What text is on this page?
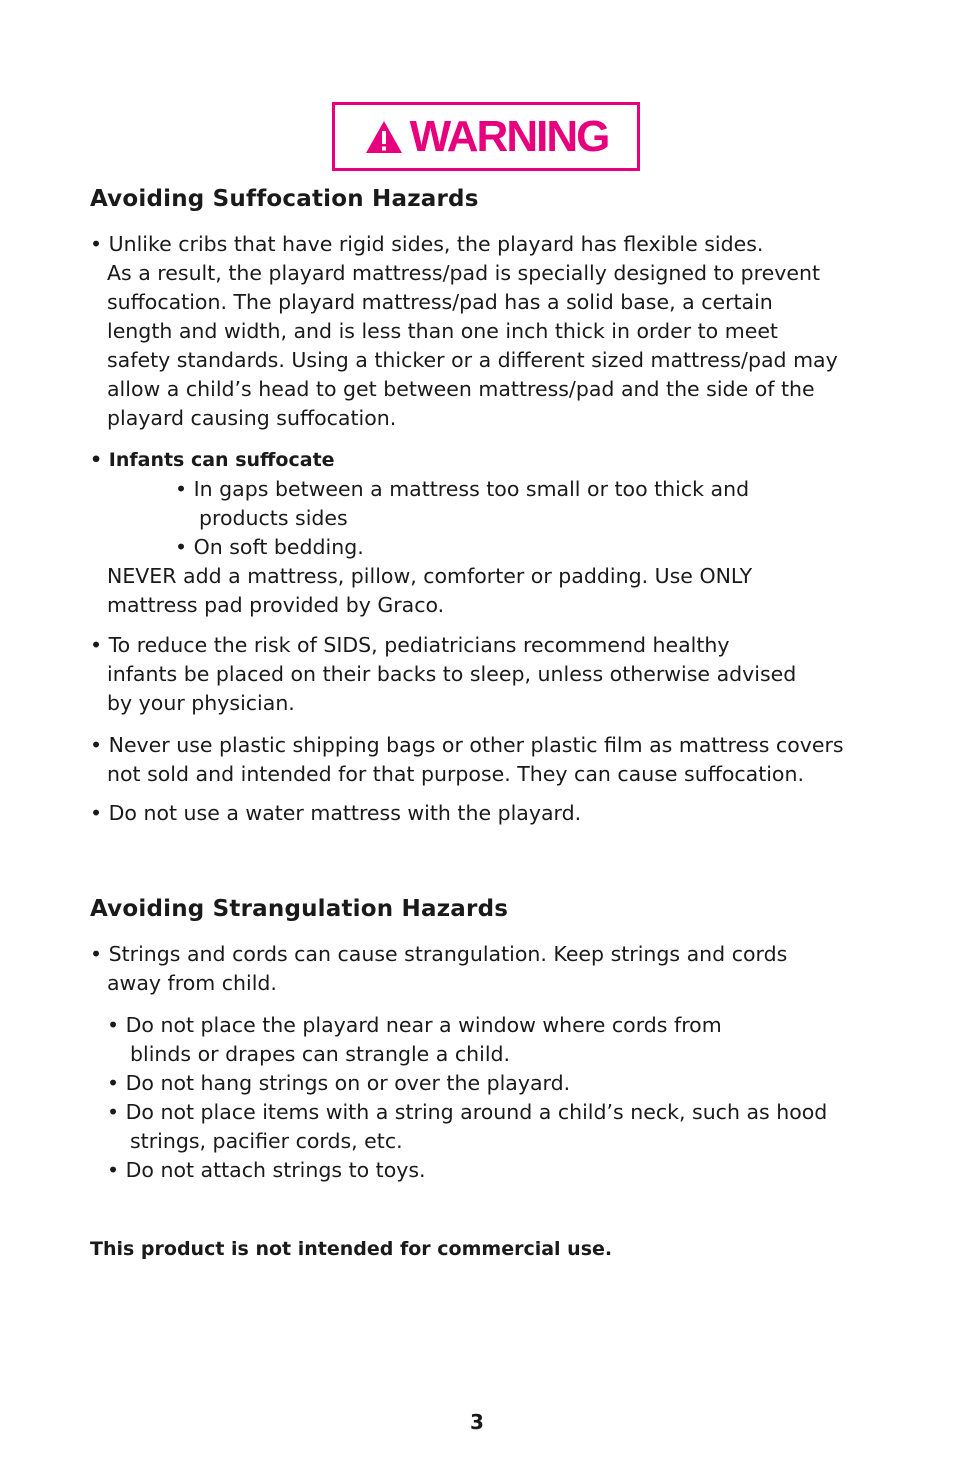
WARNING
Avoiding Suffocation Hazards
• Unlike cribs that have rigid sides, the playard has flexible sides.
As a result, the playard mattress/pad is specially designed to prevent
suffocation. The playard mattress/pad has a solid base, a certain
length and width, and is less than one inch thick in order to meet
safety standards. Using a thicker or a different sized mattress/pad may
allow a child’s head to get between mattress/pad and the side of the
playard causing suffocation.
• Infants can suffocate
• In gaps between a mattress too small or too thick and
products sides
• On soft bedding.
NEVER add a mattress, pillow, comforter or padding. Use ONLY
mattress pad provided by Graco.
• To reduce the risk of SIDS, pediatricians recommend healthy
infants be placed on their backs to sleep, unless otherwise advised
by your physician.
• Never use plastic shipping bags or other plastic film as mattress covers
not sold and intended for that purpose. They can cause suffocation.
• Do not use a water mattress with the playard.
Avoiding Strangulation Hazards
• Strings and cords can cause strangulation. Keep strings and cords
away from child.
• Do not place the playard near a window where cords from
blinds or drapes can strangle a child.
• Do not hang strings on or over the playard.
• Do not place items with a string around a child’s neck, such as hood
strings, pacifier cords, etc.
• Do not attach strings to toys.

This product is not intended for commercial use.

3
